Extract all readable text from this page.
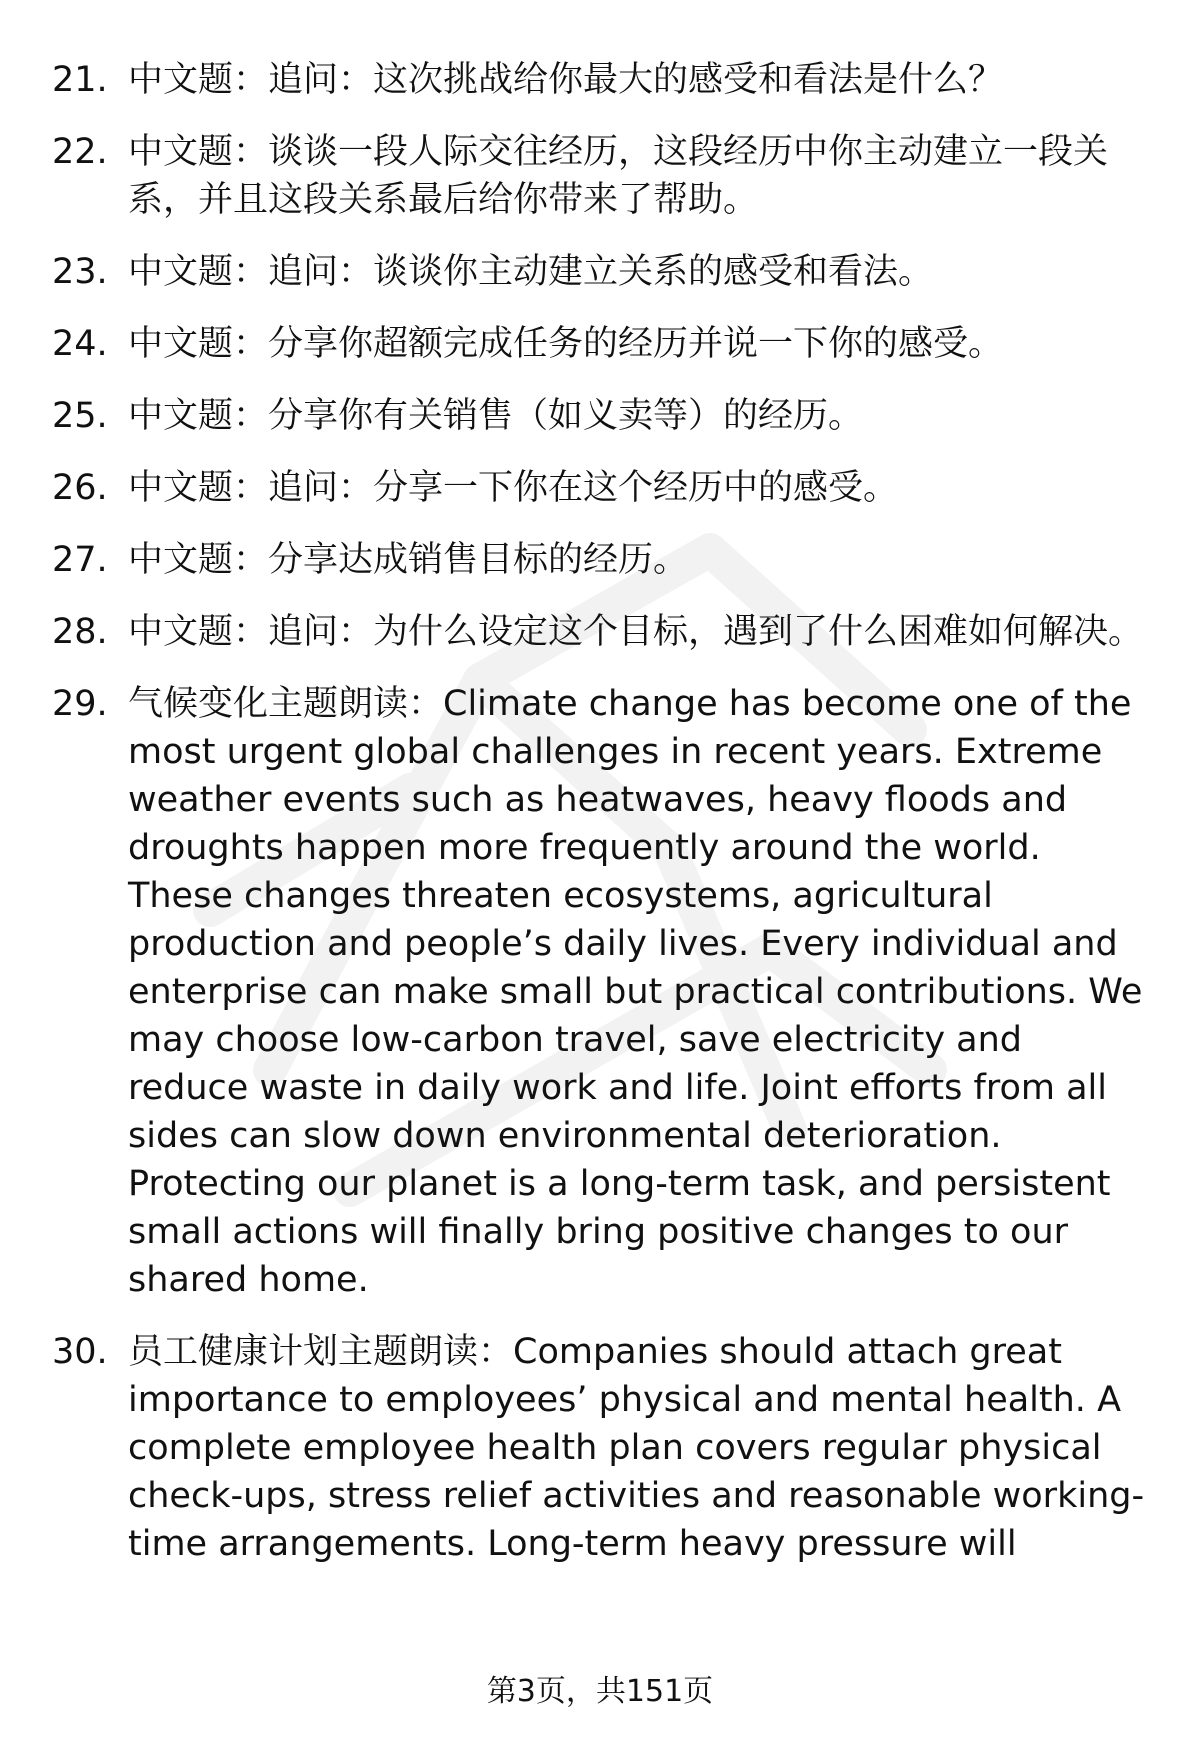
21. 中文题：追问：这次挑战给你最大的感受和看法是什么？
22. 中文题：谈谈一段人际交往经历，这段经历中你主动建立一段关系，并且这段关系最后给你带来了帮助。
23. 中文题：追问：谈谈你主动建立关系的感受和看法。
24. 中文题：分享你超额完成任务的经历并说一下你的感受。
25. 中文题：分享你有关销售（如义卖等）的经历。
26. 中文题：追问：分享一下你在这个经历中的感受。
27. 中文题：分享达成销售目标的经历。
28. 中文题：追问：为什么设定这个目标，遇到了什么困难如何解决。
29. 气候变化主题朗读：Climate change has become one of the most urgent global challenges in recent years. Extreme weather events such as heatwaves, heavy floods and droughts happen more frequently around the world. These changes threaten ecosystems, agricultural production and people’s daily lives. Every individual and enterprise can make small but practical contributions. We may choose low-carbon travel, save electricity and reduce waste in daily work and life. Joint efforts from all sides can slow down environmental deterioration. Protecting our planet is a long-term task, and persistent small actions will finally bring positive changes to our shared home.
30. 员工健康计划主题朗读：Companies should attach great importance to employees’ physical and mental health. A complete employee health plan covers regular physical check-ups, stress relief activities and reasonable working-time arrangements. Long-term heavy pressure will
第3页，共151页
